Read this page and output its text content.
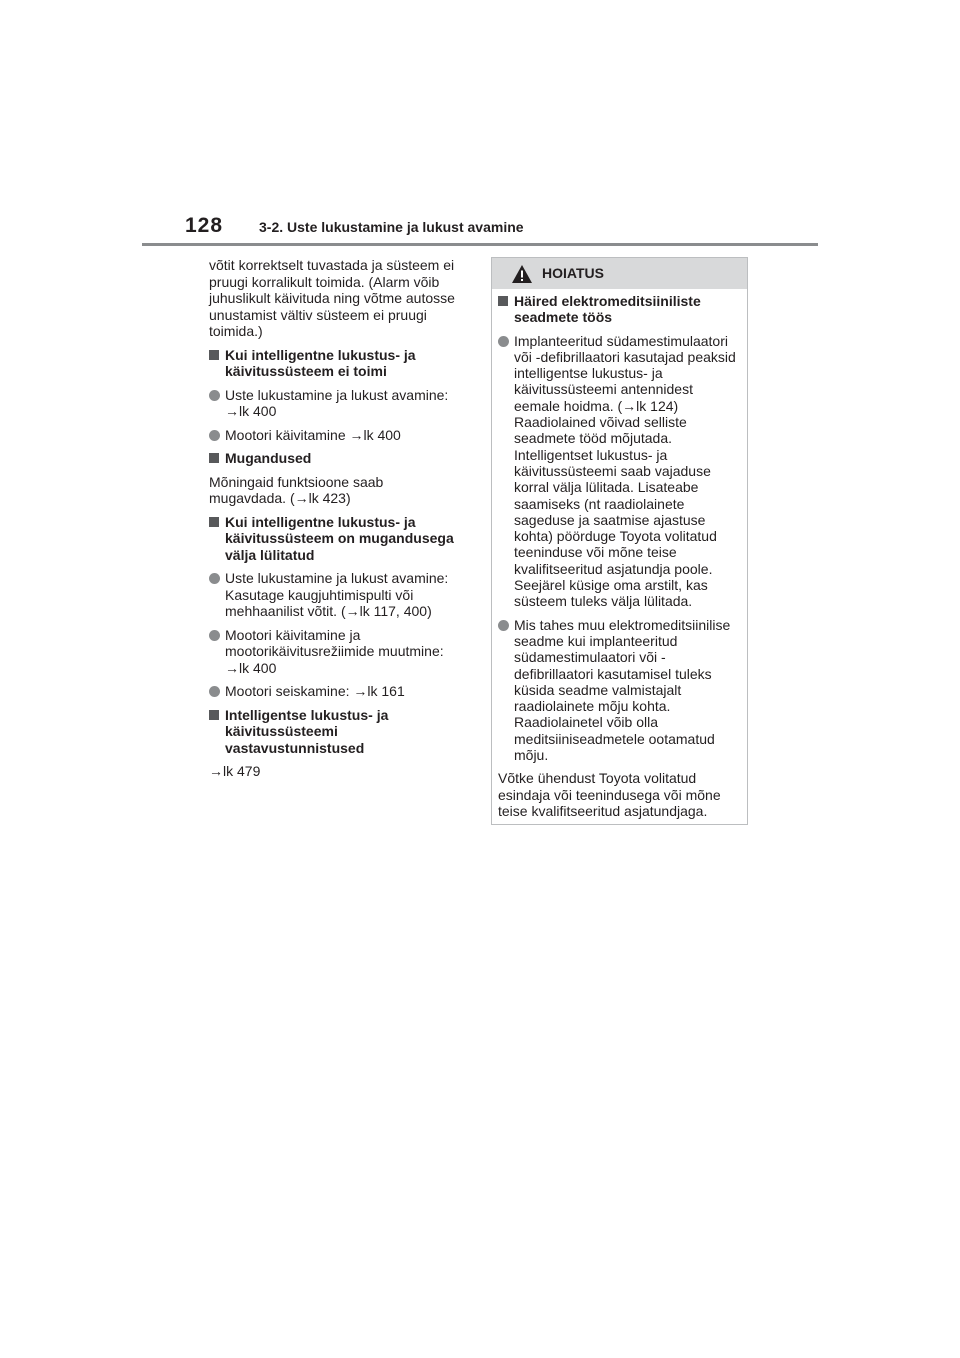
128	3-2. Uste lukustamine ja lukust avamine
võtit korrektselt tuvastada ja süsteem ei
pruugi korralikult toimida. (Alarm võib
juhuslikult käivituda ning võtme autosse
unustamist vältiv süsteem ei pruugi
toimida.)
Kui intelligentne lukustus- ja
käivitussüsteem ei toimi
Uste lukustamine ja lukust avamine:
→lk 400
Mootori käivitamine →lk 400
Mugandused
Mõningaid funktsioone saab
mugavdada. (→lk 423)
Kui intelligentne lukustus- ja
käivitussüsteem on mugandusega
välja lülitatud
Uste lukustamine ja lukust avamine:
Kasutage kaugjuhtimispulti või
mehhaanilist võtit. (→lk 117, 400)
Mootori käivitamine ja
mootorikäivitusrežiimide muutmine:
→lk 400
Mootori seiskamine: →lk 161
Intelligentse lukustus- ja
käivitussüsteemi
vastavustunnistused
→lk 479
HOIATUS
Häired elektromeditsiiniliste
seadmete töös
Implanteeritud südamestimulaatori
või -defibrillaatori kasutajad peaksid
intelligentse lukustus- ja
käivitussüsteemi antennidest
eemale hoidma. (→lk 124)
Raadiolained võivad selliste
seadmete tööd mõjutada.
Intelligentset lukustus- ja
käivitussüsteemi saab vajaduse
korral välja lülitada. Lisateabe
saamiseks (nt raadiolainete
sageduse ja saatmise ajastuse
kohta) pöörduge Toyota volitatud
teeninduse või mõne teise
kvalifitseeritud asjatundja poole.
Seejärel küsige oma arstilt, kas
süsteem tuleks välja lülitada.
Mis tahes muu elektromeditsiinilise
seadme kui implanteeritud
südamestimulaatori või -
defibrillaatori kasutamisel tuleks
küsida seadme valmistajalt
raadiolainete mõju kohta.
Raadiolainetel võib olla
meditsiiniseadmetele ootamatud
mõju.
Võtke ühendust Toyota volitatud
esindaja või teenindusega või mõne
teise kvalifitseeritud asjatundjaga.
